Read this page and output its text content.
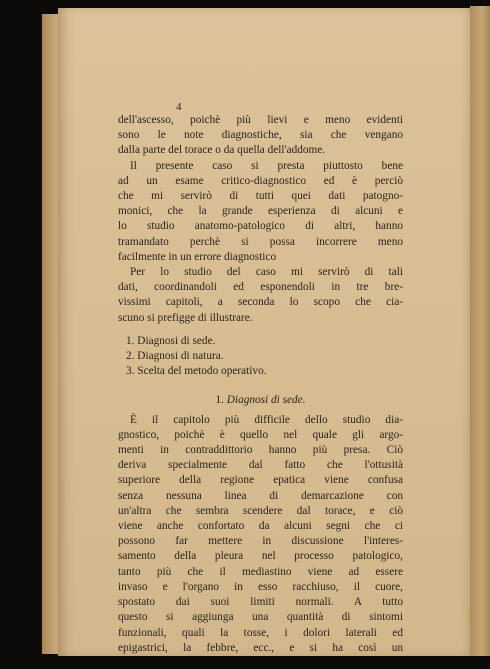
4
dell'ascesso, poichè più lievi e meno evidenti
sono le note diagnostiche, sia che vengano
dalla parte del torace o da quella dell'addome.
Il presente caso si presta piuttosto bene
ad un esame critico-diagnostico ed è perciò
che mi servirò di tutti quei dati patogno-
monici, che la grande esperienza di alcuni e
lo studio anatomo-patologico di altri, hanno
tramandato perchè si possa incorrere meno
facilmente in un errore diagnostico
Per lo studio del caso mi servirò di tali
dati, coordinandoli ed esponendoli in tre bre-
vissimi capitoli, a seconda lo scopo che cia-
scuno si prefigge di illustrare.
1. Diagnosi di sede.
2. Diagnosi di natura.
3. Scelta del metodo operativo.
1. Diagnosi di sede.
È il capitolo più difficile dello studio dia-
gnostico, poichè è quello nel quale gli argo-
menti in contraddittorio hanno più presa. Ciò
deriva specialmente dal fatto che l'ottusità
superiore della regione epatica viene confusa
senza nessuna linea di demarcazione con
un'altra che sembra scendere dal torace, e ciò
viene anche confortato da alcuni segni che ci
possono far mettere in discussione l'interes-
samento della pleura nel processo patologico,
tanto più che il mediastino viene ad essere
invaso e l'organo in esso racchiuso, il cuore,
spostato dai suoi limiti normali. A tutto
questo si aggiunga una quantità di sintomi
funzionali, quali la tosse, i dolori laterali ed
epigastrici, la febbre, ecc., e si ha così un
